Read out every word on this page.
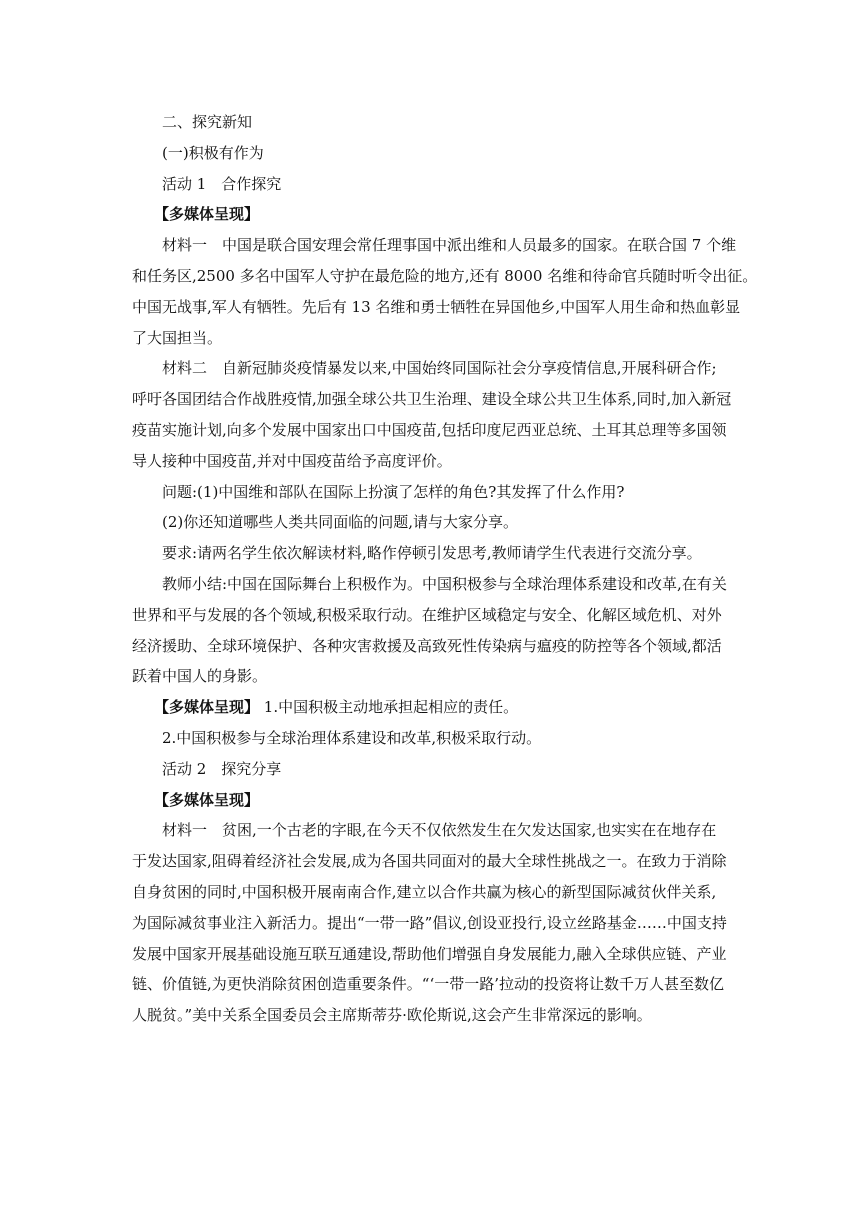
二、探究新知

(一)积极有作为

活动 1　合作探究

【多媒体呈现】

材料一　中国是联合国安理会常任理事国中派出维和人员最多的国家。在联合国 7 个维
和任务区,2500 多名中国军人守护在最危险的地方,还有 8000 名维和待命官兵随时听令出征。
中国无战事,军人有牺牲。先后有 13 名维和勇士牺牲在异国他乡,中国军人用生命和热血彰显
了大国担当。
材料二　自新冠肺炎疫情暴发以来,中国始终同国际社会分享疫情信息,开展科研合作;
呼吁各国团结合作战胜疫情,加强全球公共卫生治理、建设全球公共卫生体系,同时,加入新冠
疫苗实施计划,向多个发展中国家出口中国疫苗,包括印度尼西亚总统、土耳其总理等多国领
导人接种中国疫苗,并对中国疫苗给予高度评价。

问题:(1)中国维和部队在国际上扮演了怎样的角色?其发挥了什么作用?

(2)你还知道哪些人类共同面临的问题,请与大家分享。

要求:请两名学生依次解读材料,略作停顿引发思考,教师请学生代表进行交流分享。

教师小结:中国在国际舞台上积极作为。中国积极参与全球治理体系建设和改革,在有关
世界和平与发展的各个领域,积极采取行动。在维护区域稳定与安全、化解区域危机、对外
经济援助、全球环境保护、各种灾害救援及高致死性传染病与瘟疫的防控等各个领域,都活
跃着中国人的身影。

【多媒体呈现】 1.中国积极主动地承担起相应的责任。

2.中国积极参与全球治理体系建设和改革,积极采取行动。

活动 2　探究分享

【多媒体呈现】

材料一　贫困,一个古老的字眼,在今天不仅依然发生在欠发达国家,也实实在在地存在
于发达国家,阻碍着经济社会发展,成为各国共同面对的最大全球性挑战之一。在致力于消除
自身贫困的同时,中国积极开展南南合作,建立以合作共赢为核心的新型国际减贫伙伴关系,
为国际减贫事业注入新活力。提出“一带一路”倡议,创设亚投行,设立丝路基金……中国支持
发展中国家开展基础设施互联互通建设,帮助他们增强自身发展能力,融入全球供应链、产业
链、价值链,为更快消除贫困创造重要条件。“‘一带一路’拉动的投资将让数千万人甚至数亿
人脱贫。”美中关系全国委员会主席斯蒂芬·欧伦斯说,这会产生非常深远的影响。
